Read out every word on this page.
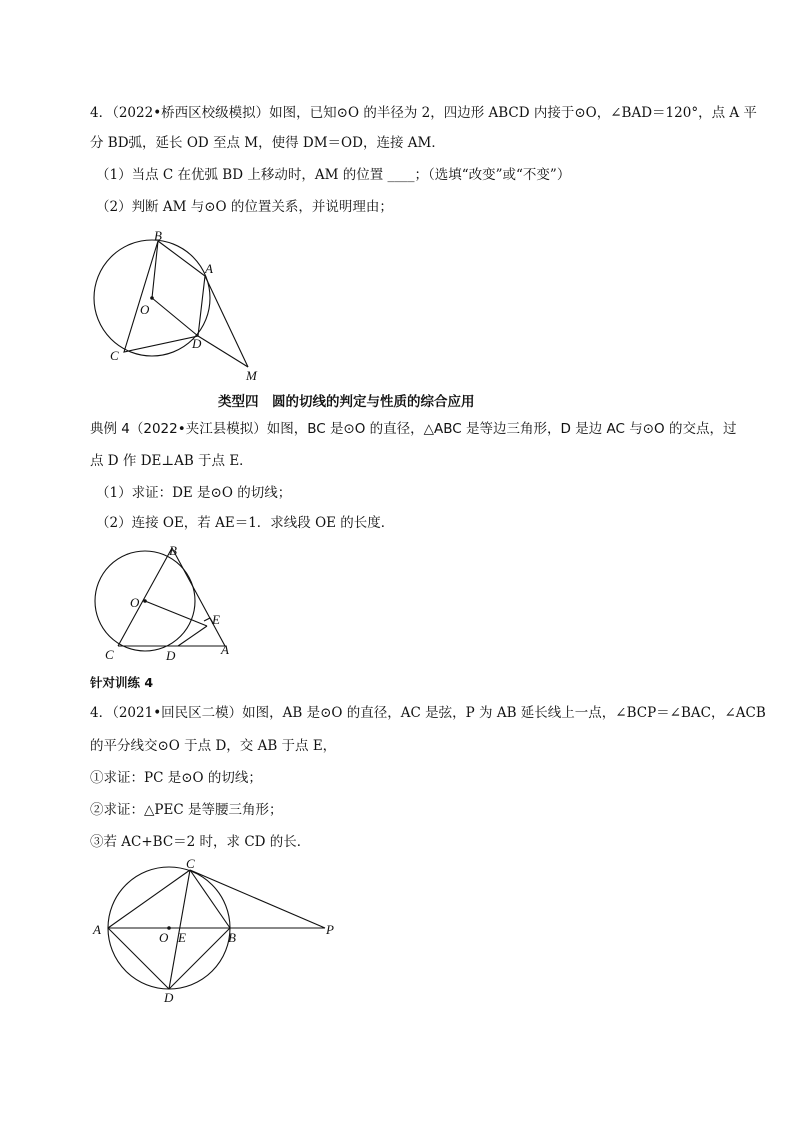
4．（2022•桥西区校级模拟）如图，已知⊙O 的半径为 2，四边形 ABCD 内接于⊙O，∠BAD＝120°，点 A 平
分 BD弧，延长 OD 至点 M，使得 DM＝OD，连接 AM．
（1）当点 C 在优弧 BD 上移动时，AM 的位置 ____；（选填“改变”或“不变”）
（2）判断 AM 与⊙O 的位置关系，并说明理由；
B
A
O
C
D
M
类型四　圆的切线的判定与性质的综合应用
典例 4（2022•夹江县模拟）如图，BC 是⊙O 的直径，△ABC 是等边三角形，D 是边 AC 与⊙O 的交点，过
点 D 作 DE⊥AB 于点 E．
（1）求证：DE 是⊙O 的切线；
（2）连接 OE，若 AE＝1．求线段 OE 的长度．
B
O
E
C	D	A
针对训练 4
4．（2021•回民区二模）如图，AB 是⊙O 的直径，AC 是弦，P 为 AB 延长线上一点，∠BCP＝∠BAC，∠ACB
的平分线交⊙O 于点 D，交 AB 于点 E，
①求证：PC 是⊙O 的切线；
②求证：△PEC 是等腰三角形；
③若 AC+BC＝2 时，求 CD 的长．
C
A
O E	B
P
D
